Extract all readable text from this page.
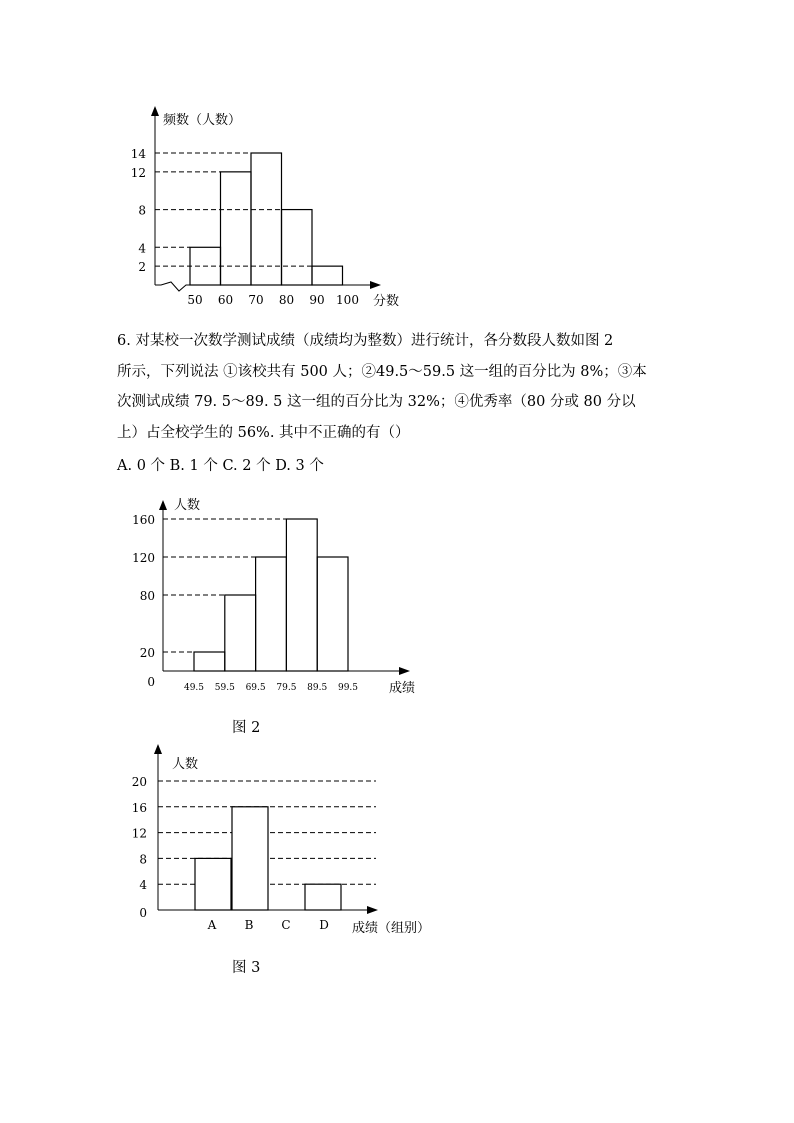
频数（人数）
分数
2
4
8
12
14
50 60 70 80 90 100
6. 对某校一次数学测试成绩（成绩均为整数）进行统计，各分数段人数如图 2
所示，下列说法 ①该校共有 500 人；②49.5～59.5 这一组的百分比为 8%；③本
次测试成绩 79. 5～89. 5 这一组的百分比为 32%；④优秀率（80 分或 80 分以
上）占全校学生的 56%. 其中不正确的有（）
A. 0 个 B. 1 个 C. 2 个 D. 3 个
人数
成绩
0
20
80
120
160
49.5 59.5 69.5 79.5 89.5 99.5
图 2
人数
成绩（组别）
0
4
8
12
16
20
A B C D
图 3
